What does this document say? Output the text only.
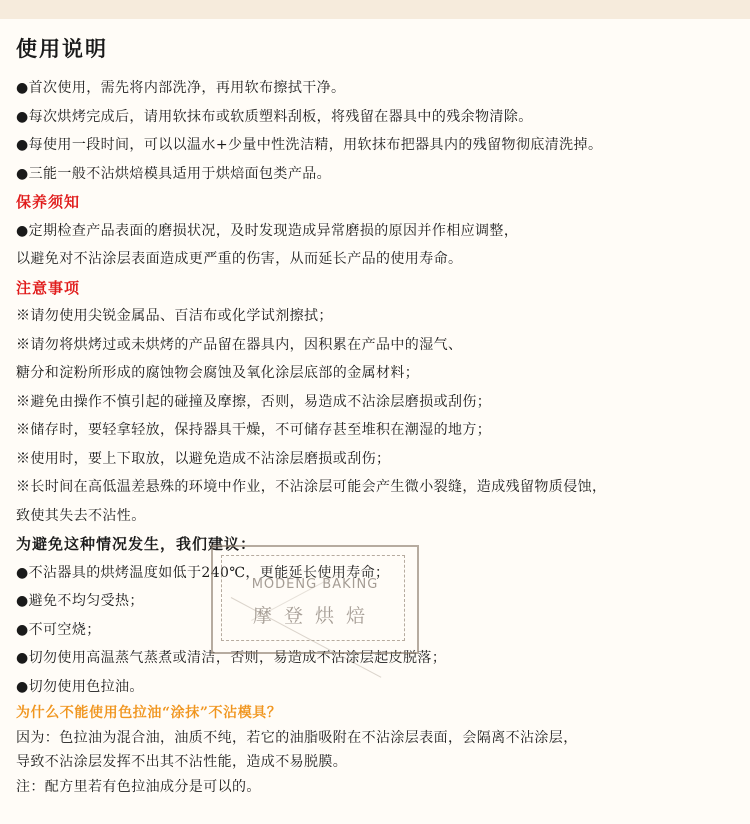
使用说明
●首次使用，需先将内部洗净，再用软布擦拭干净。
●每次烘烤完成后，请用软抹布或软质塑料刮板，将残留在器具中的残余物清除。
●每使用一段时间，可以以温水+少量中性洗洁精，用软抹布把器具内的残留物彻底清洗掉。
●三能一般不沾烘焙模具适用于烘焙面包类产品。
保养须知
●定期检查产品表面的磨损状况，及时发现造成异常磨损的原因并作相应调整，
以避免对不沾涂层表面造成更严重的伤害，从而延长产品的使用寿命。
注意事项
※请勿使用尖锐金属品、百洁布或化学试剂擦拭；
※请勿将烘烤过或未烘烤的产品留在器具内，因积累在产品中的湿气、
糖分和淀粉所形成的腐蚀物会腐蚀及氧化涂层底部的金属材料；
※避免由操作不慎引起的碰撞及摩擦，否则，易造成不沾涂层磨损或刮伤；
※储存时，要轻拿轻放，保持器具干燥，不可储存甚至堆积在潮湿的地方；
※使用时，要上下取放，以避免造成不沾涂层磨损或刮伤；
※长时间在高低温差悬殊的环境中作业，不沾涂层可能会产生微小裂缝，造成残留物质侵蚀，
致使其失去不沾性。
为避免这种情况发生，我们建议：
●不沾器具的烘烤温度如低于240℃，更能延长使用寿命；
●避免不均匀受热；
●不可空烧；
●切勿使用高温蒸气蒸煮或清洁，否则，易造成不沾涂层起皮脱落；
●切勿使用色拉油。
为什么不能使用色拉油“涂抹”不沾模具？
因为：色拉油为混合油，油质不纯，若它的油脂吸附在不沾涂层表面，会隔离不沾涂层，
导致不沾涂层发挥不出其不沾性能，造成不易脱膜。
注：配方里若有色拉油成分是可以的。
MODENG BAKING
摩登烘焙
